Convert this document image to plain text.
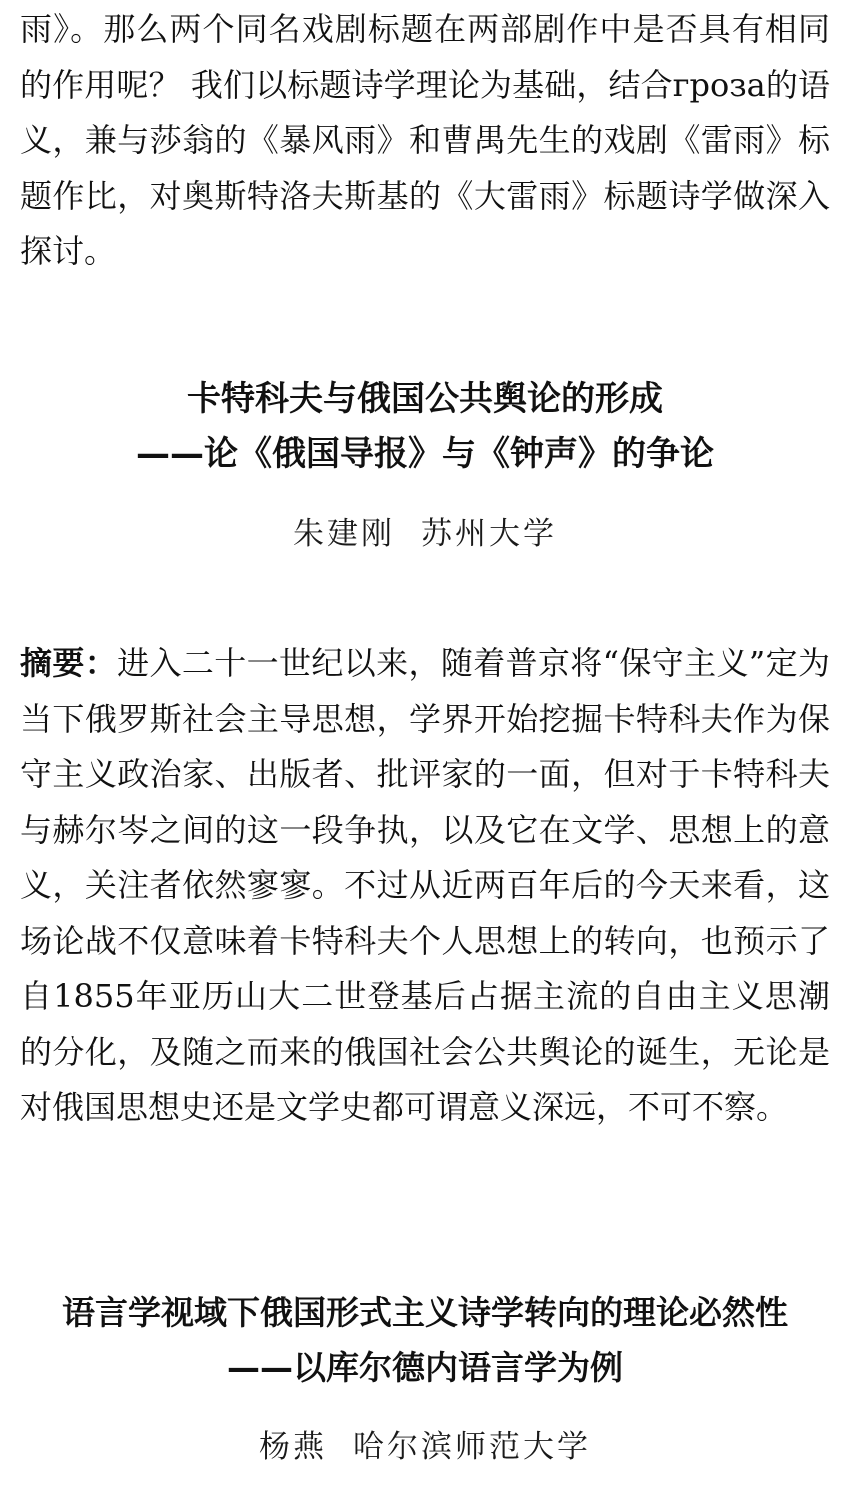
雨》。那么两个同名戏剧标题在两部剧作中是否具有相同的作用呢？ 我们以标题诗学理论为基础，结合гроза的语义，兼与莎翁的《暴风雨》和曹禺先生的戏剧《雷雨》标题作比，对奥斯特洛夫斯基的《大雷雨》标题诗学做深入探讨。

卡特科夫与俄国公共舆论的形成
——论《俄国导报》与《钟声》的争论

朱建刚 苏州大学

摘要：进入二十一世纪以来，随着普京将“保守主义”定为当下俄罗斯社会主导思想，学界开始挖掘卡特科夫作为保守主义政治家、出版者、批评家的一面，但对于卡特科夫与赫尔岑之间的这一段争执，以及它在文学、思想上的意义，关注者依然寥寥。不过从近两百年后的今天来看，这场论战不仅意味着卡特科夫个人思想上的转向，也预示了自1855年亚历山大二世登基后占据主流的自由主义思潮的分化，及随之而来的俄国社会公共舆论的诞生，无论是对俄国思想史还是文学史都可谓意义深远，不可不察。

语言学视域下俄国形式主义诗学转向的理论必然性
——以库尔德内语言学为例

杨燕 哈尔滨师范大学
